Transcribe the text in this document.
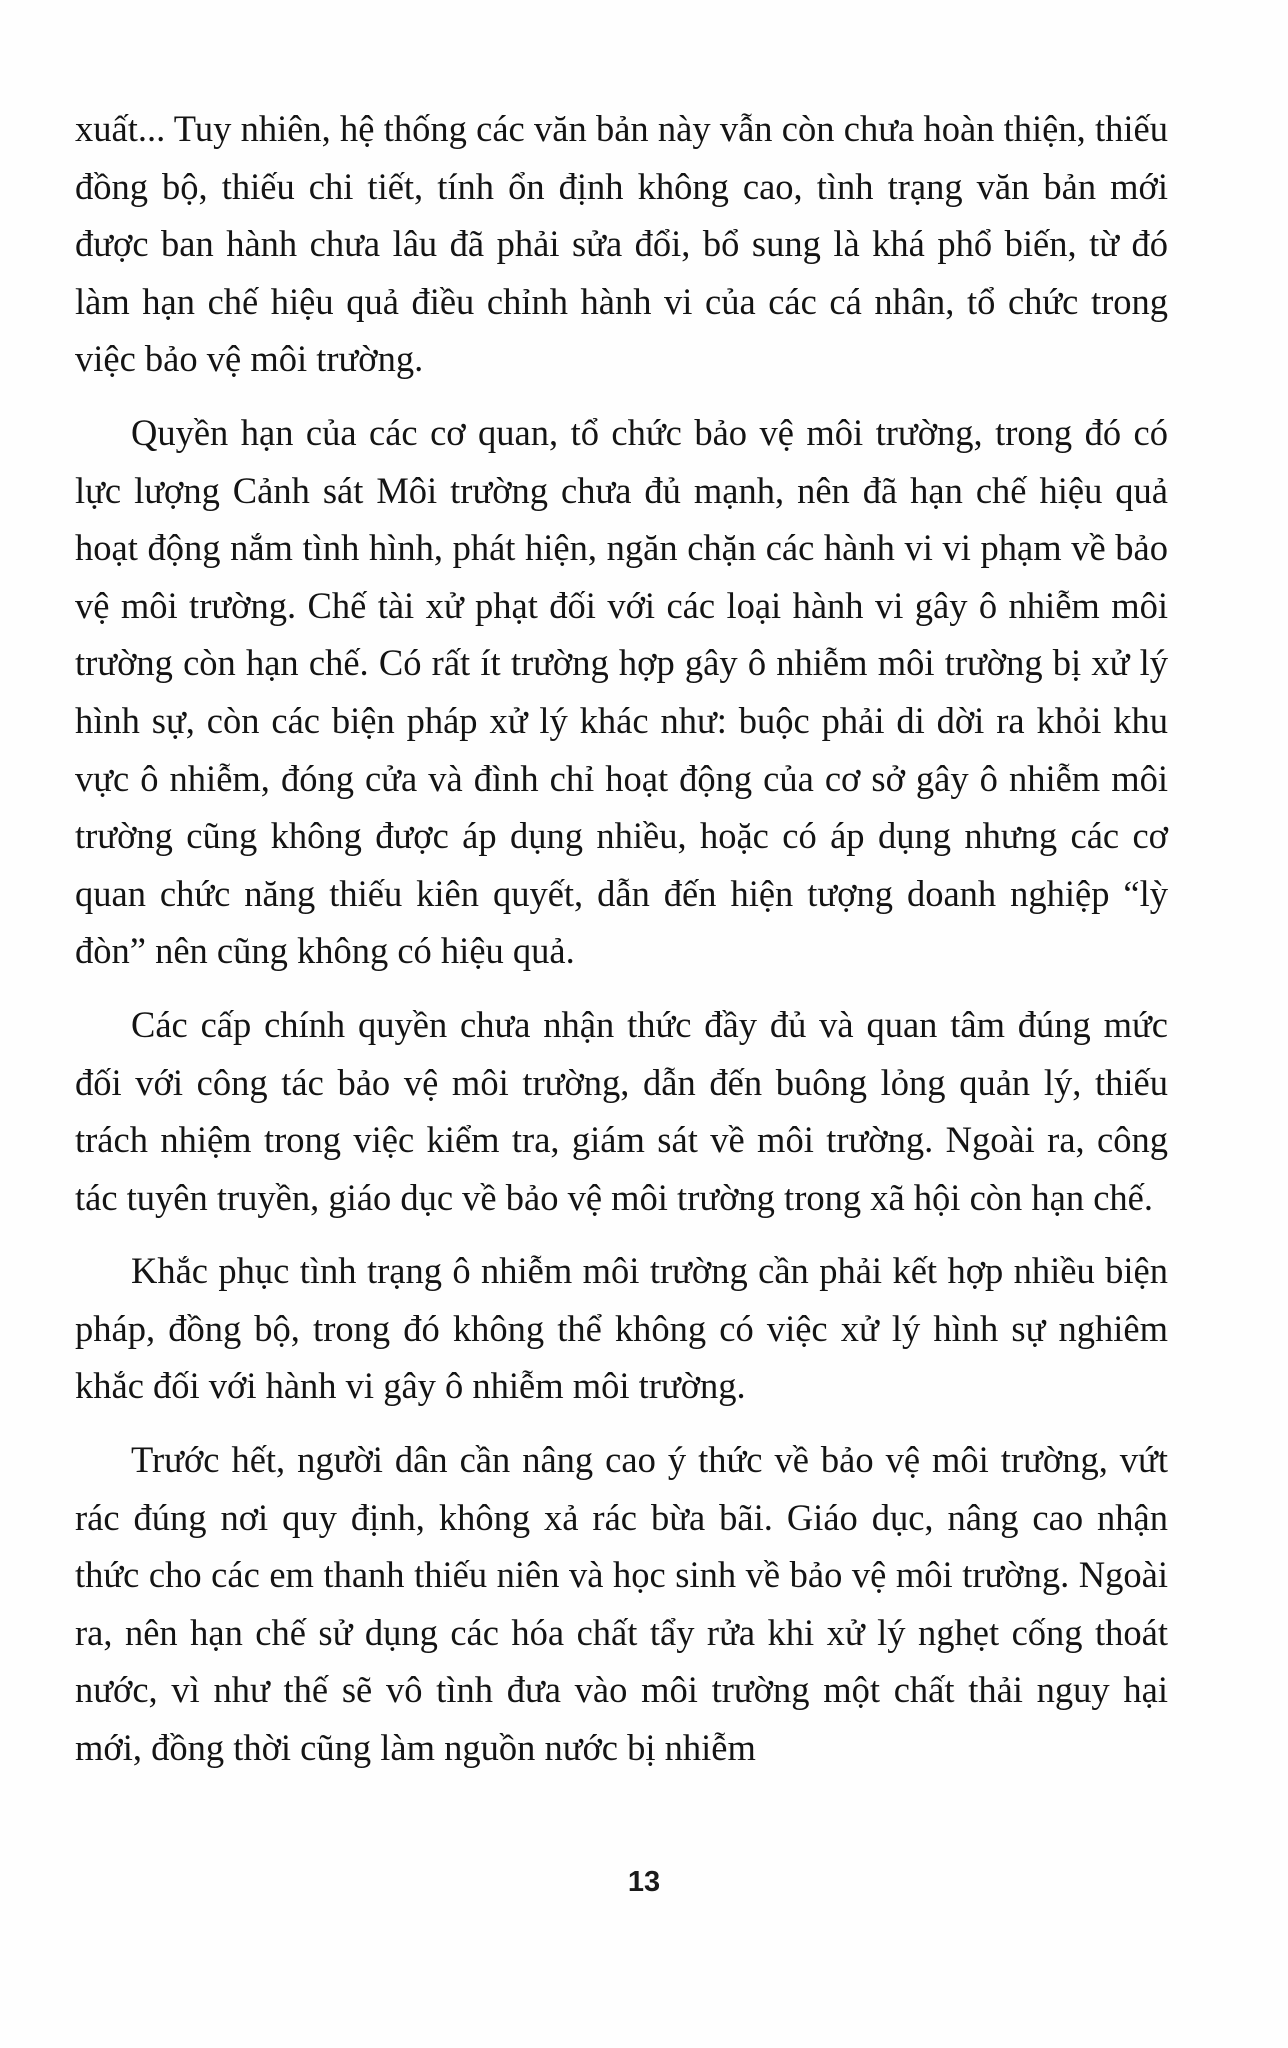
xuất... Tuy nhiên, hệ thống các văn bản này vẫn còn chưa hoàn thiện, thiếu đồng bộ, thiếu chi tiết, tính ổn định không cao, tình trạng văn bản mới được ban hành chưa lâu đã phải sửa đổi, bổ sung là khá phổ biến, từ đó làm hạn chế hiệu quả điều chỉnh hành vi của các cá nhân, tổ chức trong việc bảo vệ môi trường.

Quyền hạn của các cơ quan, tổ chức bảo vệ môi trường, trong đó có lực lượng Cảnh sát Môi trường chưa đủ mạnh, nên đã hạn chế hiệu quả hoạt động nắm tình hình, phát hiện, ngăn chặn các hành vi vi phạm về bảo vệ môi trường. Chế tài xử phạt đối với các loại hành vi gây ô nhiễm môi trường còn hạn chế. Có rất ít trường hợp gây ô nhiễm môi trường bị xử lý hình sự, còn các biện pháp xử lý khác như: buộc phải di dời ra khỏi khu vực ô nhiễm, đóng cửa và đình chỉ hoạt động của cơ sở gây ô nhiễm môi trường cũng không được áp dụng nhiều, hoặc có áp dụng nhưng các cơ quan chức năng thiếu kiên quyết, dẫn đến hiện tượng doanh nghiệp “lỳ đòn” nên cũng không có hiệu quả.

Các cấp chính quyền chưa nhận thức đầy đủ và quan tâm đúng mức đối với công tác bảo vệ môi trường, dẫn đến buông lỏng quản lý, thiếu trách nhiệm trong việc kiểm tra, giám sát về môi trường. Ngoài ra, công tác tuyên truyền, giáo dục về bảo vệ môi trường trong xã hội còn hạn chế.

Khắc phục tình trạng ô nhiễm môi trường cần phải kết hợp nhiều biện pháp, đồng bộ, trong đó không thể không có việc xử lý hình sự nghiêm khắc đối với hành vi gây ô nhiễm môi trường.

Trước hết, người dân cần nâng cao ý thức về bảo vệ môi trường, vứt rác đúng nơi quy định, không xả rác bừa bãi. Giáo dục, nâng cao nhận thức cho các em thanh thiếu niên và học sinh về bảo vệ môi trường. Ngoài ra, nên hạn chế sử dụng các hóa chất tẩy rửa khi xử lý nghẹt cống thoát nước, vì như thế sẽ vô tình đưa vào môi trường một chất thải nguy hại mới, đồng thời cũng làm nguồn nước bị nhiễm

13
